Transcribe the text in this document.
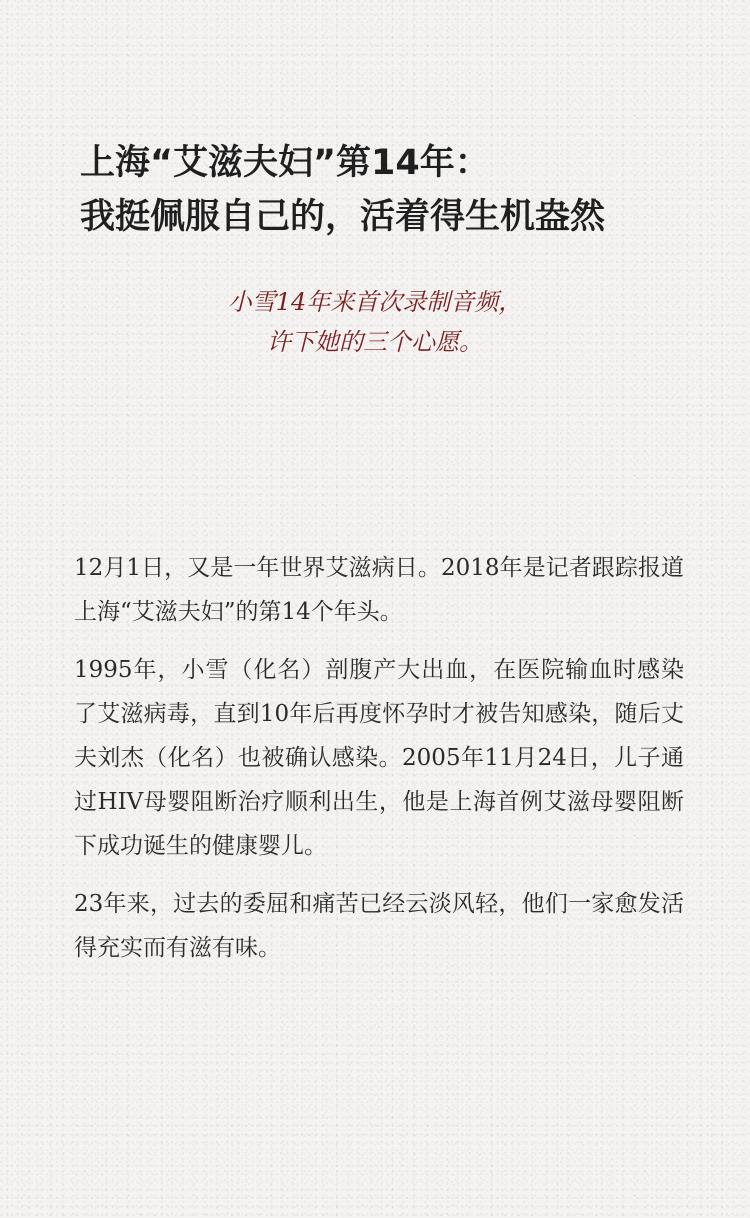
上海“艾滋夫妇”第14年：
我挺佩服自己的，活着得生机盎然
小雪14年来首次录制音频，
许下她的三个心愿。

12月1日，又是一年世界艾滋病日。2018年是记者跟踪报道上海“艾滋夫妇”的第14个年头。

1995年，小雪（化名）剖腹产大出血，在医院输血时感染了艾滋病毒，直到10年后再度怀孕时才被告知感染，随后丈夫刘杰（化名）也被确认感染。2005年11月24日，儿子通过HIV母婴阻断治疗顺利出生，他是上海首例艾滋母婴阻断下成功诞生的健康婴儿。

23年来，过去的委屈和痛苦已经云淡风轻，他们一家愈发活得充实而有滋有味。
